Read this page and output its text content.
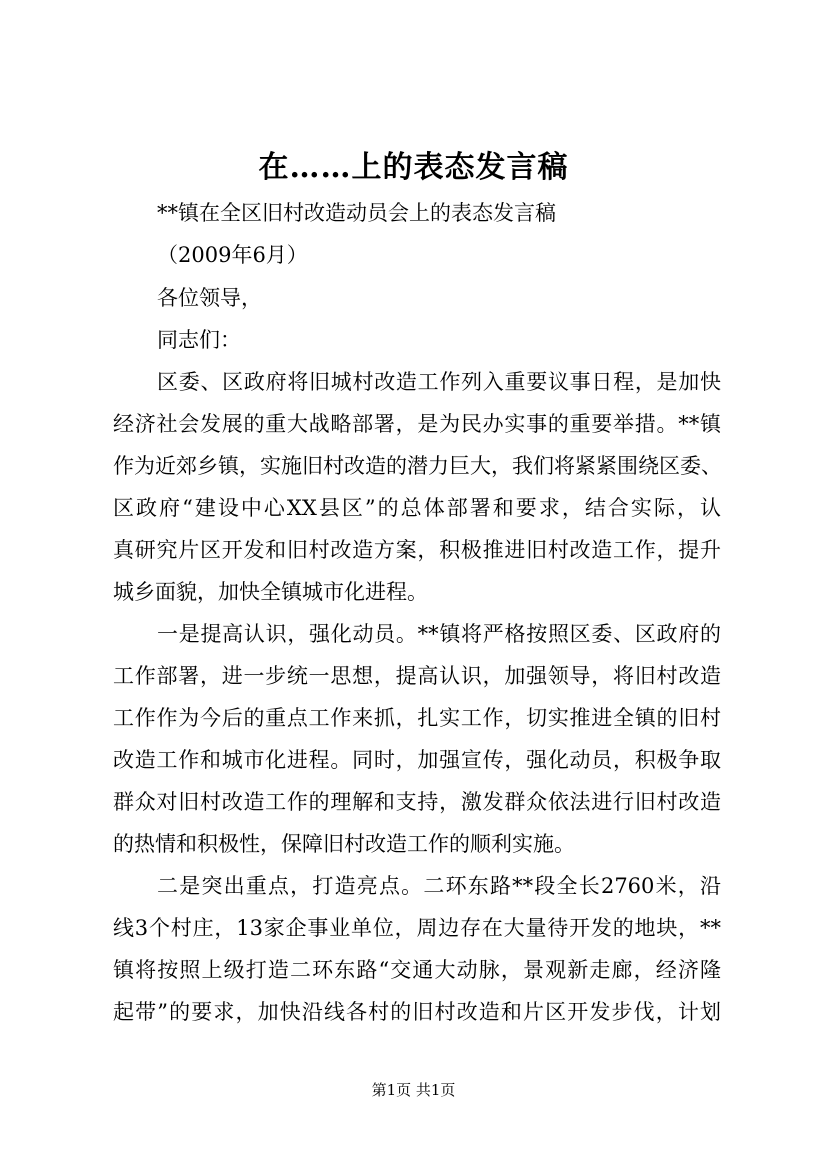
在……上的表态发言稿
**镇在全区旧村改造动员会上的表态发言稿
（2009年6月）
各位领导，
同志们：
区委、区政府将旧城村改造工作列入重要议事日程，是加快
经济社会发展的重大战略部署，是为民办实事的重要举措。**镇
作为近郊乡镇，实施旧村改造的潜力巨大，我们将紧紧围绕区委、
区政府“建设中心XX县区”的总体部署和要求，结合实际，认
真研究片区开发和旧村改造方案，积极推进旧村改造工作，提升
城乡面貌，加快全镇城市化进程。
一是提高认识，强化动员。**镇将严格按照区委、区政府的
工作部署，进一步统一思想，提高认识，加强领导，将旧村改造
工作作为今后的重点工作来抓，扎实工作，切实推进全镇的旧村
改造工作和城市化进程。同时，加强宣传，强化动员，积极争取
群众对旧村改造工作的理解和支持，激发群众依法进行旧村改造
的热情和积极性，保障旧村改造工作的顺利实施。
二是突出重点，打造亮点。二环东路**段全长2760米，沿
线3个村庄，13家企事业单位，周边存在大量待开发的地块，**
镇将按照上级打造二环东路“交通大动脉，景观新走廊，经济隆
起带”的要求，加快沿线各村的旧村改造和片区开发步伐，计划
第1页 共1页
